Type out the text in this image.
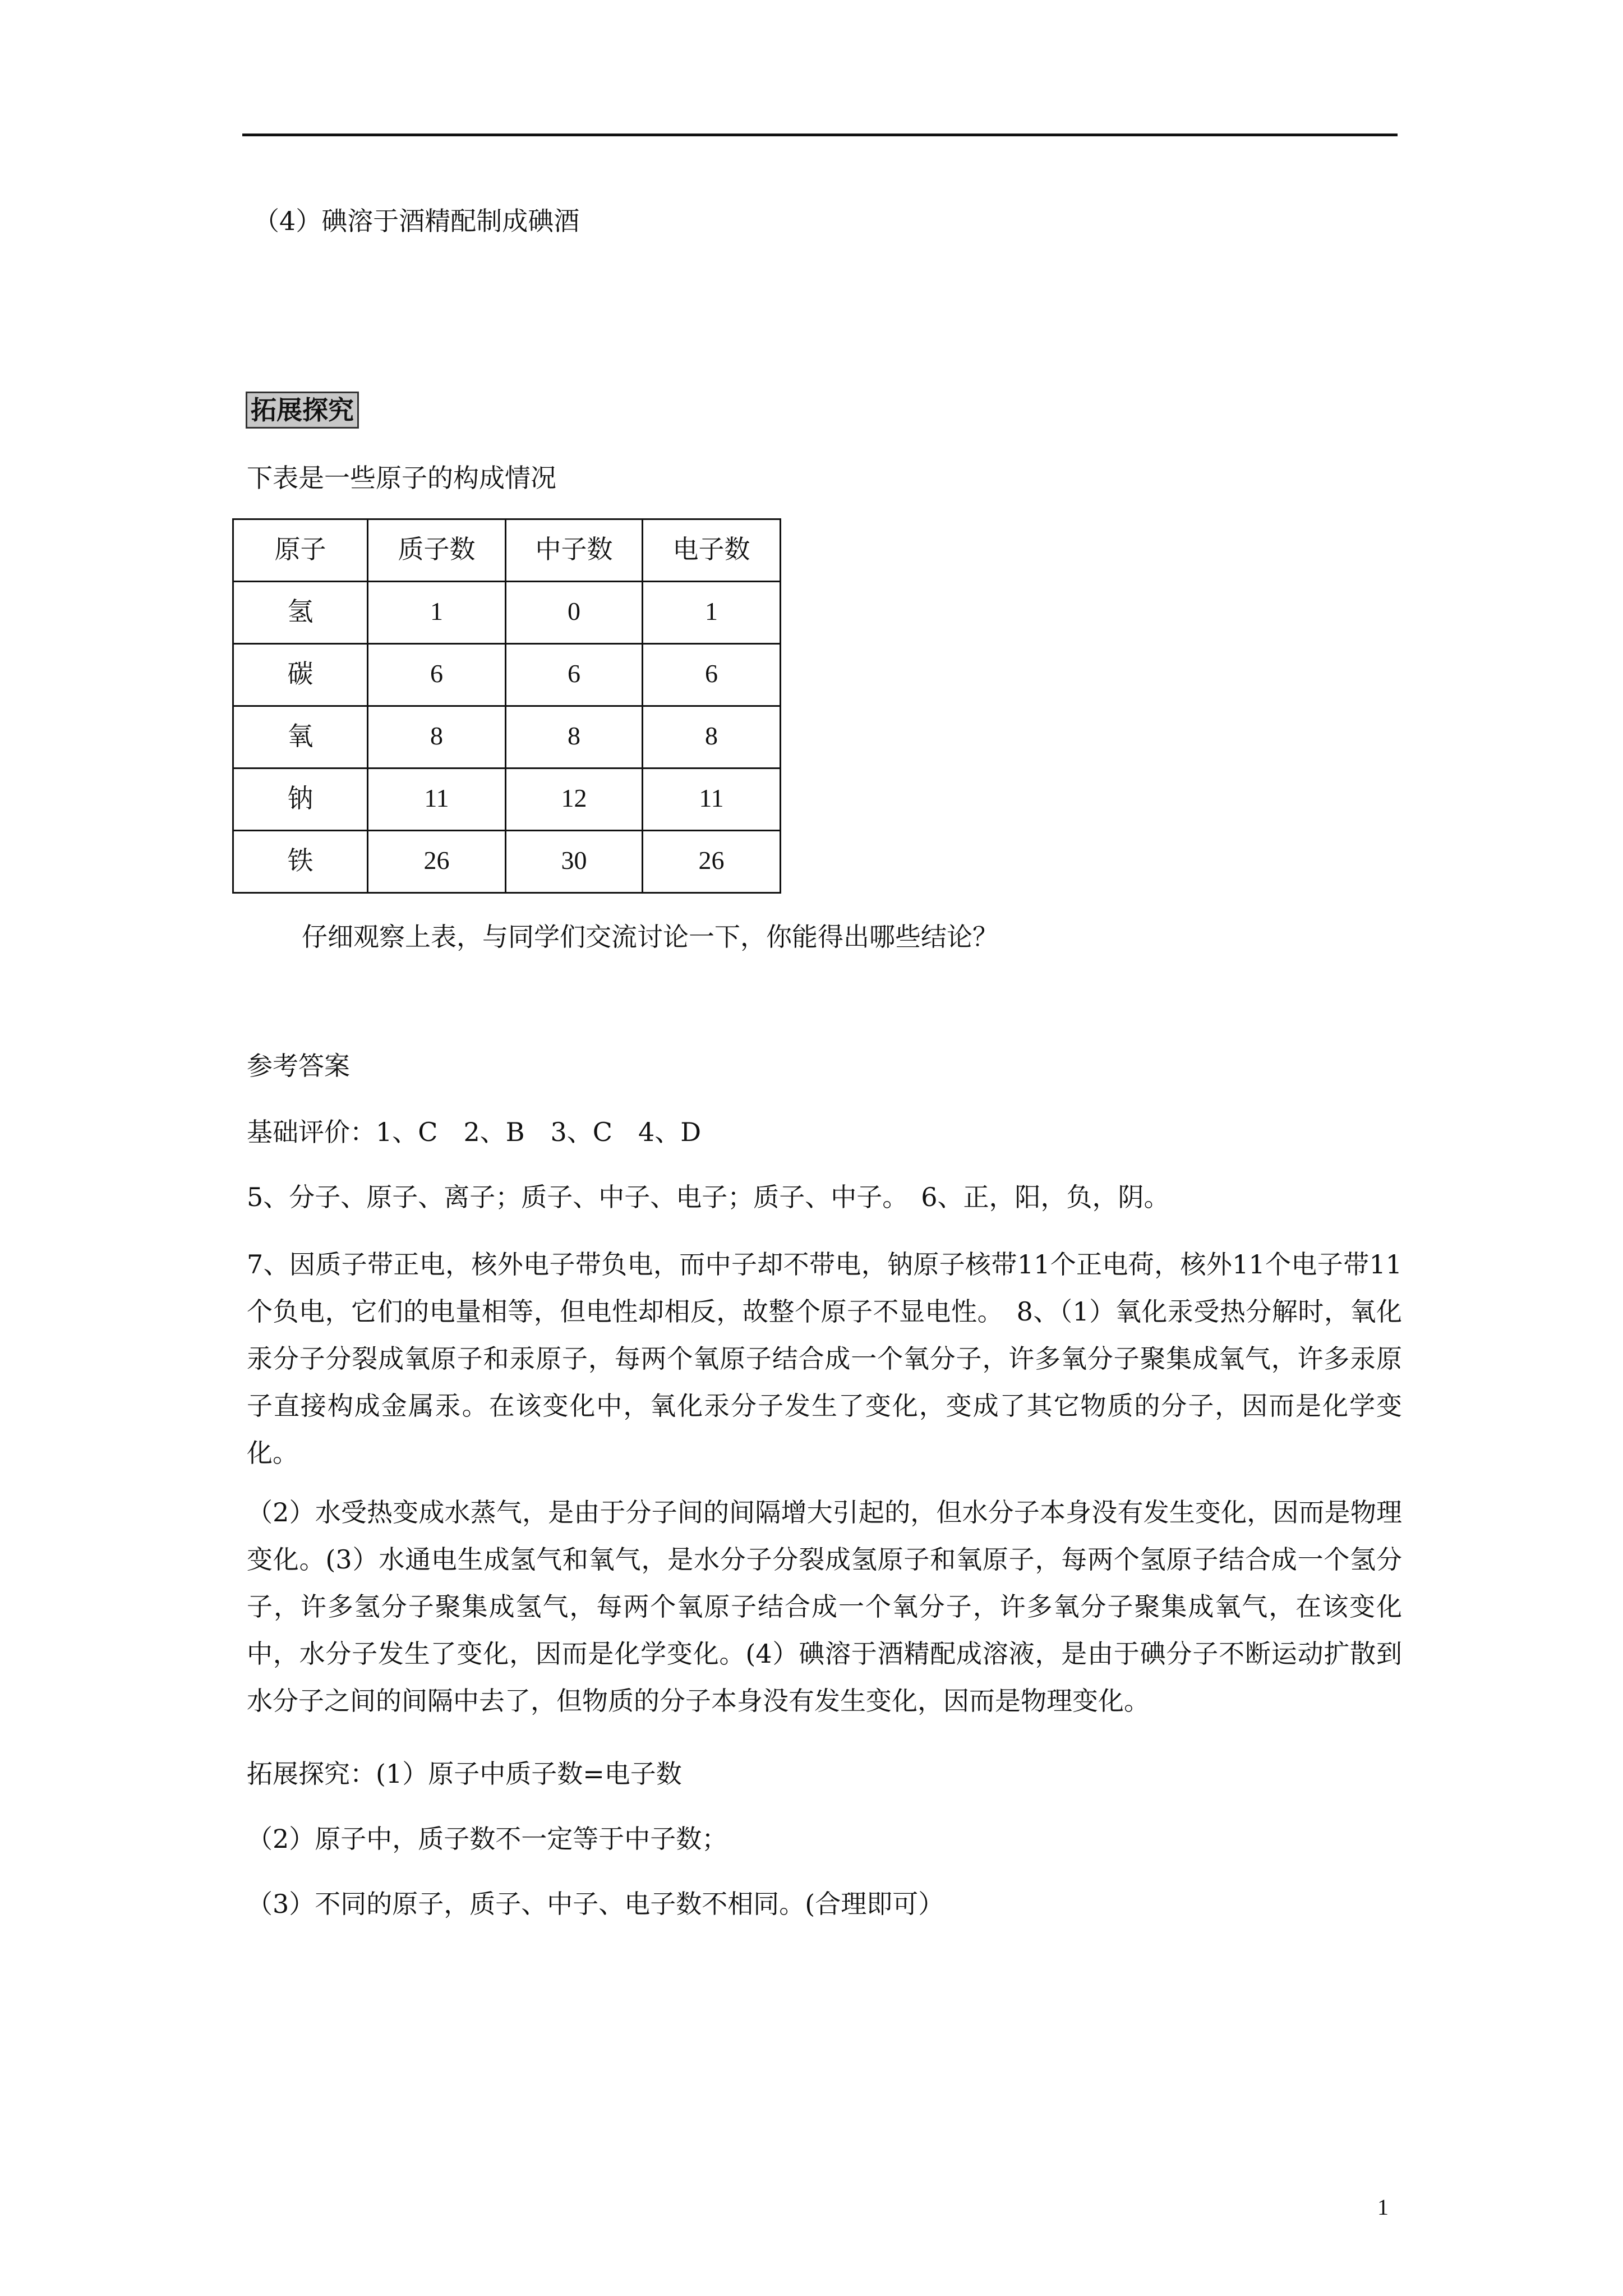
（4）碘溶于酒精配制成碘酒
拓展探究
下表是一些原子的构成情况
原子	质子数	中子数	电子数
氢	1	0	1
碳	6	6	6
氧	8	8	8
钠	11	12	11
铁	26	30	26
仔细观察上表，与同学们交流讨论一下，你能得出哪些结论？
参考答案
基础评价：1、C　2、B　3、C　4、D
5、分子、原子、离子；质子、中子、电子；质子、中子。　6、正，阳，负，阴。
7、因质子带正电，核外电子带负电，而中子却不带电，钠原子核带11个正电荷，核外11个电子带11个负电，它们的电量相等，但电性却相反，故整个原子不显电性。　8、（1）氧化汞受热分解时，氧化汞分子分裂成氧原子和汞原子，每两个氧原子结合成一个氧分子，许多氧分子聚集成氧气，许多汞原子直接构成金属汞。在该变化中，氧化汞分子发生了变化，变成了其它物质的分子，因而是化学变化。
（2）水受热变成水蒸气，是由于分子间的间隔增大引起的，但水分子本身没有发生变化，因而是物理变化。(3）水通电生成氢气和氧气，是水分子分裂成氢原子和氧原子，每两个氢原子结合成一个氢分子，许多氢分子聚集成氢气，每两个氧原子结合成一个氧分子，许多氧分子聚集成氧气，在该变化中，水分子发生了变化，因而是化学变化。(4）碘溶于酒精配成溶液，是由于碘分子不断运动扩散到水分子之间的间隔中去了，但物质的分子本身没有发生变化，因而是物理变化。
拓展探究：(1）原子中质子数=电子数
（2）原子中，质子数不一定等于中子数；
（3）不同的原子，质子、中子、电子数不相同。(合理即可）
1
